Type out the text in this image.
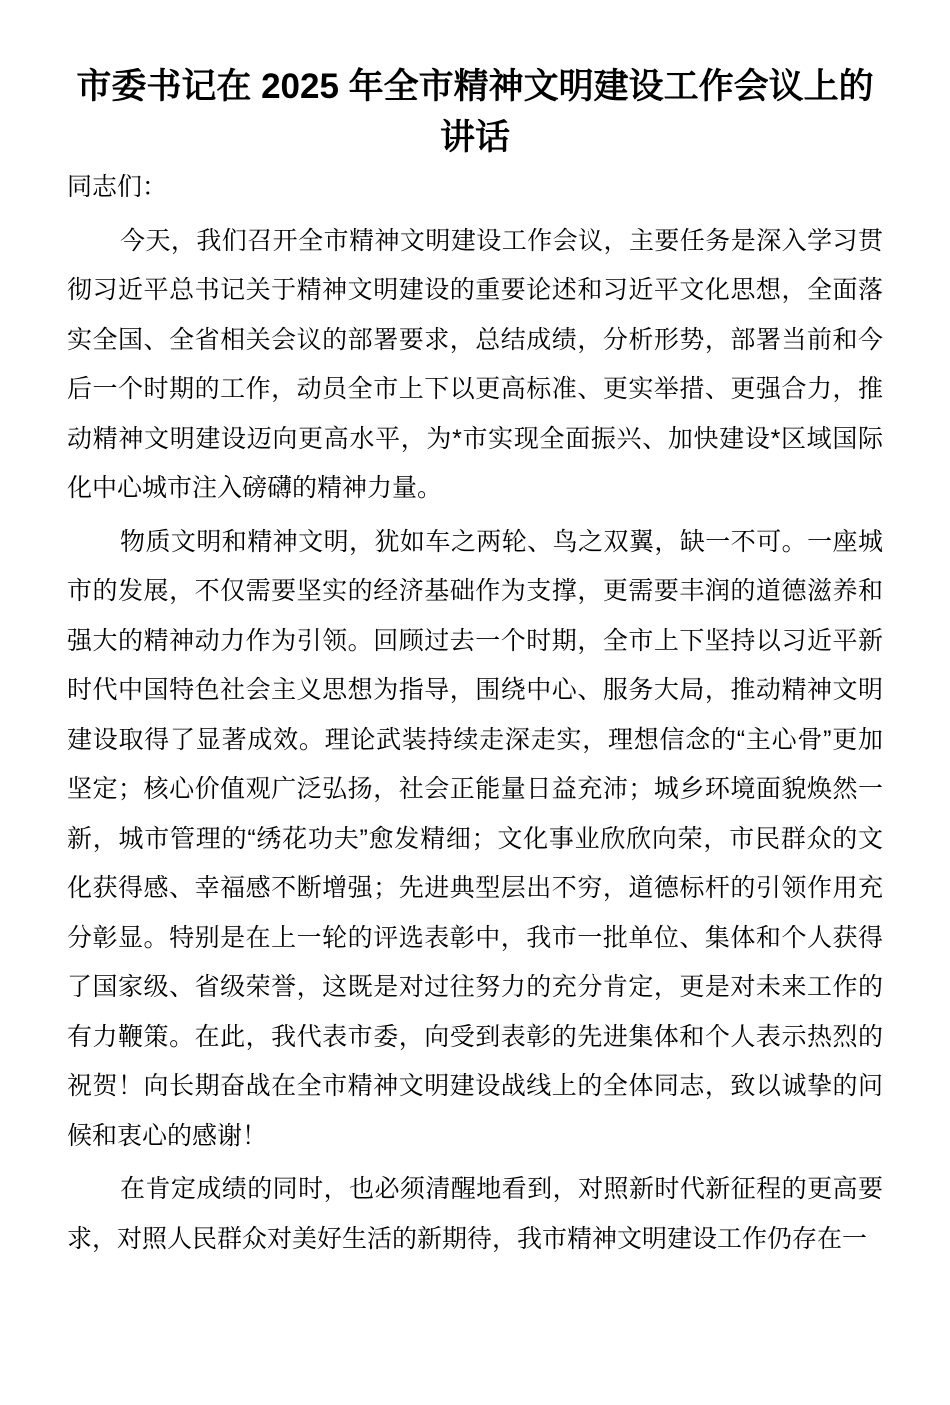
市委书记在 2025 年全市精神文明建设工作会议上的讲话

同志们：

今天，我们召开全市精神文明建设工作会议，主要任务是深入学习贯彻习近平总书记关于精神文明建设的重要论述和习近平文化思想，全面落实全国、全省相关会议的部署要求，总结成绩，分析形势，部署当前和今后一个时期的工作，动员全市上下以更高标准、更实举措、更强合力，推动精神文明建设迈向更高水平，为*市实现全面振兴、加快建设*区域国际化中心城市注入磅礴的精神力量。

物质文明和精神文明，犹如车之两轮、鸟之双翼，缺一不可。一座城市的发展，不仅需要坚实的经济基础作为支撑，更需要丰润的道德滋养和强大的精神动力作为引领。回顾过去一个时期，全市上下坚持以习近平新时代中国特色社会主义思想为指导，围绕中心、服务大局，推动精神文明建设取得了显著成效。理论武装持续走深走实，理想信念的“主心骨”更加坚定；核心价值观广泛弘扬，社会正能量日益充沛；城乡环境面貌焕然一新，城市管理的“绣花功夫”愈发精细；文化事业欣欣向荣，市民群众的文化获得感、幸福感不断增强；先进典型层出不穷，道德标杆的引领作用充分彰显。特别是在上一轮的评选表彰中，我市一批单位、集体和个人获得了国家级、省级荣誉，这既是对过往努力的充分肯定，更是对未来工作的有力鞭策。在此，我代表市委，向受到表彰的先进集体和个人表示热烈的祝贺！向长期奋战在全市精神文明建设战线上的全体同志，致以诚挚的问候和衷心的感谢！

在肯定成绩的同时，也必须清醒地看到，对照新时代新征程的更高要求，对照人民群众对美好生活的新期待，我市精神文明建设工作仍存在一
